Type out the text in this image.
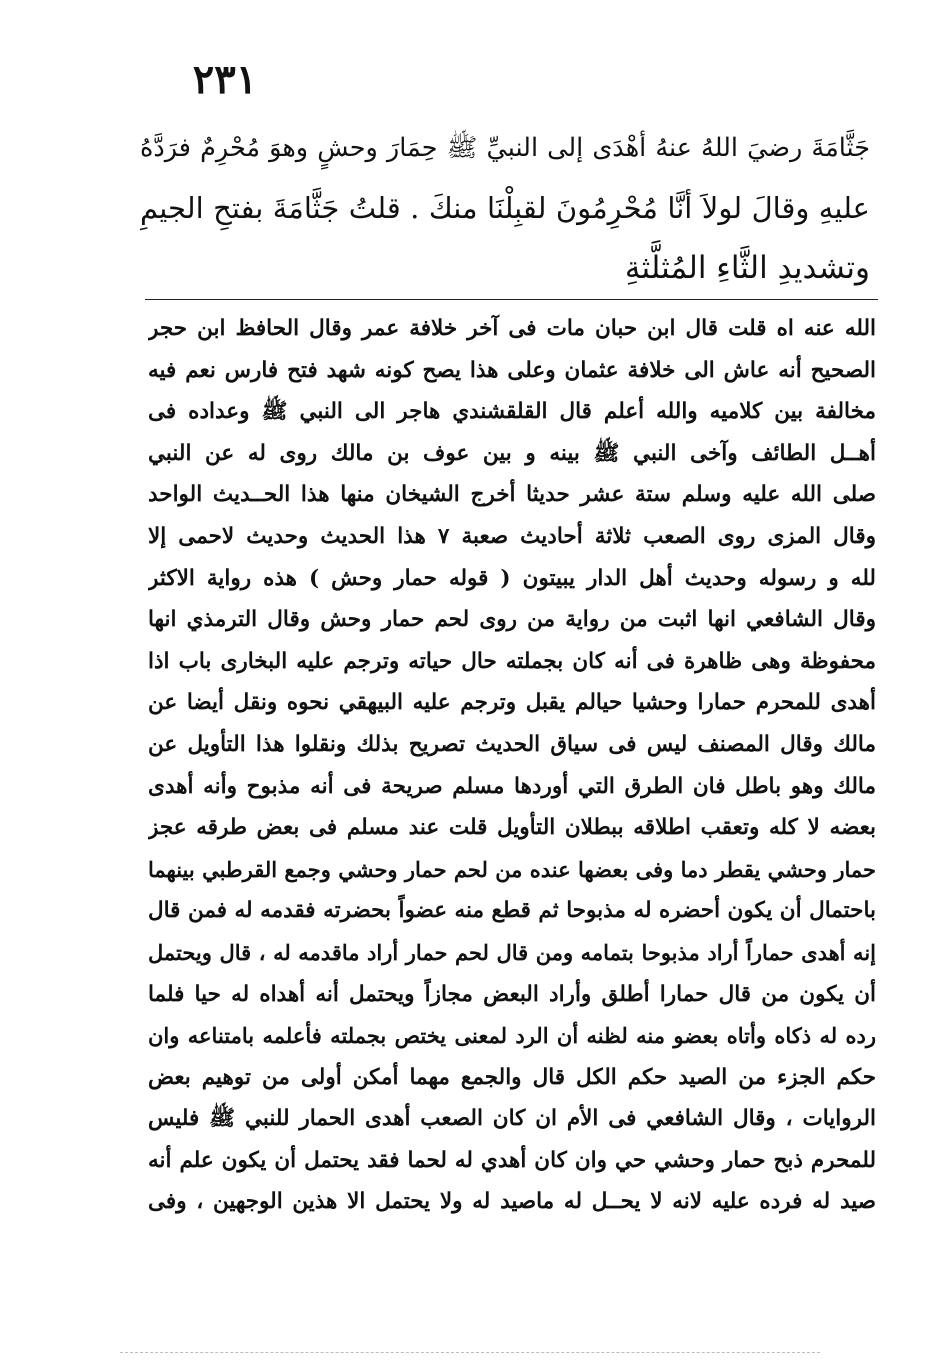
٢٣١
جَثَّامَةَ رضيَ اللهُ عنهُ أهْدَى إلى النبيِّ ﷺ حِمَارَ وحشٍ وهوَ مُحْرِمٌ فرَدَّهُ
عليهِ وقالَ لولاَ أنَّا مُحْرِمُونَ لقبِلْنَا منكَ . قلتُ جَثَّامَةَ بفتحِ الجيمِ
وتشديدِ الثَّاءِ المُثلَّثةِ
الله عنه اه قلت قال ابن حبان مات فى آخر خلافة عمر وقال الحافظ ابن حجر
الصحيح أنه عاش الى خلافة عثمان وعلى هذا يصح كونه شهد فتح فارس نعم فيه
مخالفة بين كلاميه والله أعلم قال القلقشندي هاجر الى النبي ﷺ وعداده فى
أهــل الطائف وآخى النبي ﷺ بينه و بين عوف بن مالك روى له عن النبي
صلى الله عليه وسلم ستة عشر حديثا أخرج الشيخان منها هذا الحــديث الواحد
وقال المزى روى الصعب ثلاثة أحاديث صعبة ٧ هذا الحديث وحديث لاحمى إلا
لله و رسوله وحديث أهل الدار يبيتون ( قوله حمار وحش ) هذه رواية الاكثر
وقال الشافعي انها اثبت من رواية من روى لحم حمار وحش وقال الترمذي انها
محفوظة وهى ظاهرة فى أنه كان بجملته حال حياته وترجم عليه البخارى باب اذا
أهدى للمحرم حمارا وحشيا حيالم يقبل وترجم عليه البيهقي نحوه ونقل أيضا عن
مالك وقال المصنف ليس فى سياق الحديث تصريح بذلك ونقلوا هذا التأويل عن
مالك وهو باطل فان الطرق التي أوردها مسلم صريحة فى أنه مذبوح وأنه أهدى
بعضه لا كله وتعقب اطلاقه ببطلان التأويل قلت عند مسلم فى بعض طرقه عجز
حمار وحشي يقطر دما وفى بعضها عنده من لحم حمار وحشي وجمع القرطبي بينهما
باحتمال أن يكون أحضره له مذبوحا ثم قطع منه عضواً بحضرته فقدمه له فمن قال
إنه أهدى حماراً أراد مذبوحا بتمامه ومن قال لحم حمار أراد ماقدمه له ، قال ويحتمل
أن يكون من قال حمارا أطلق وأراد البعض مجازاً ويحتمل أنه أهداه له حيا فلما
رده له ذكاه وأتاه بعضو منه لظنه أن الرد لمعنى يختص بجملته فأعلمه بامتناعه وان
حكم الجزء من الصيد حكم الكل قال والجمع مهما أمكن أولى من توهيم بعض
الروايات ، وقال الشافعي فى الأم ان كان الصعب أهدى الحمار للنبي ﷺ فليس
للمحرم ذبح حمار وحشي حي وان كان أهدي له لحما فقد يحتمل أن يكون علم أنه
صيد له فرده عليه لانه لا يحــل له ماصيد له ولا يحتمل الا هذين الوجهين ، وفى
